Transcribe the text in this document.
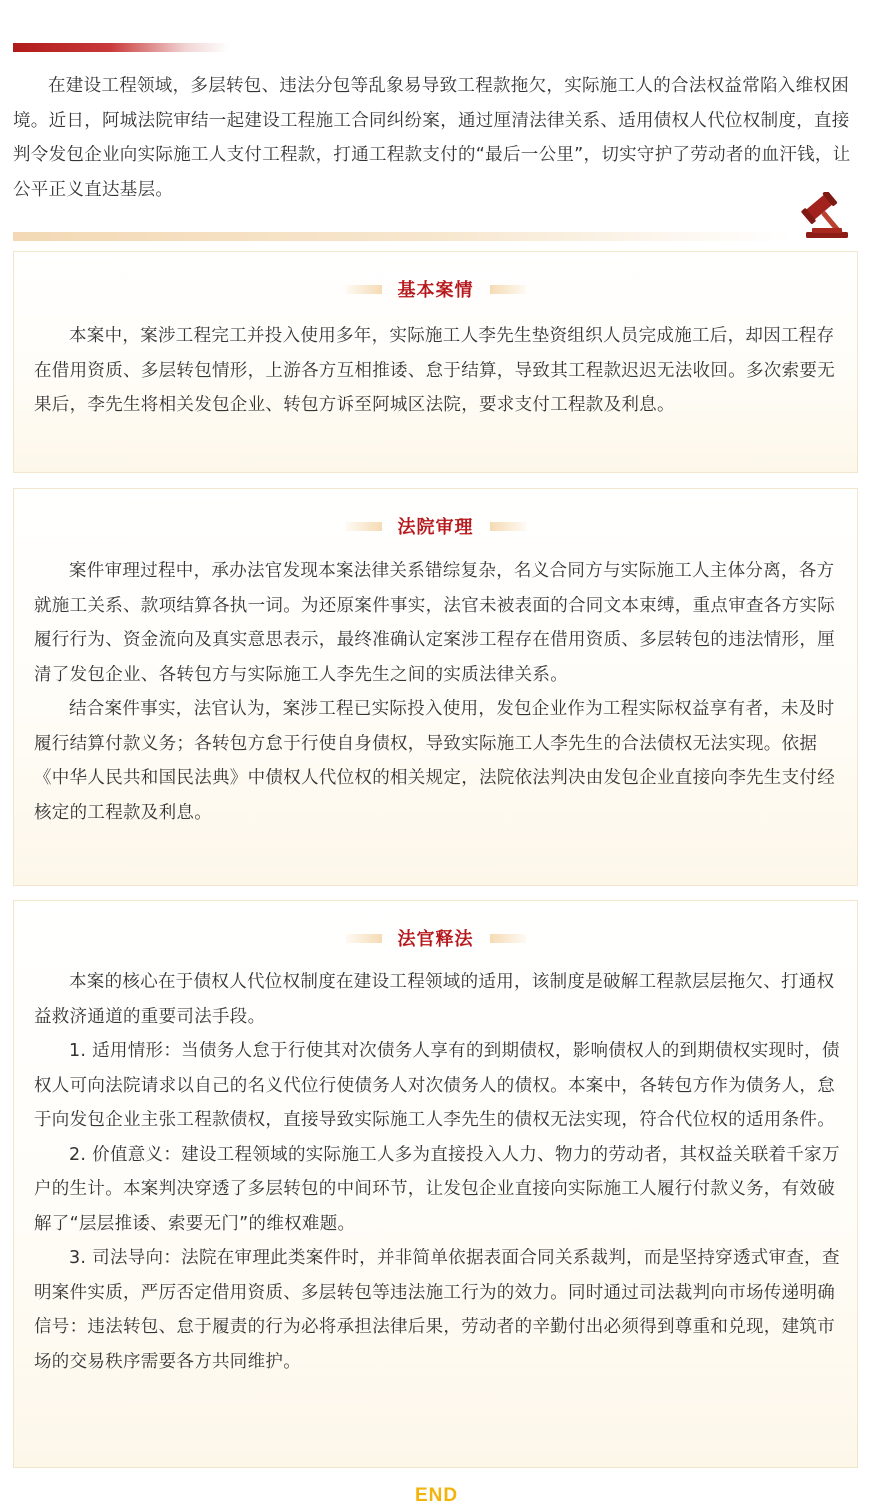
在建设工程领域，多层转包、违法分包等乱象易导致工程款拖欠，实际施工人的合法权益常陷入维权困境。近日，阿城法院审结一起建设工程施工合同纠纷案，通过厘清法律关系、适用债权人代位权制度，直接判令发包企业向实际施工人支付工程款，打通工程款支付的“最后一公里”，切实守护了劳动者的血汗钱，让公平正义直达基层。

基本案情

本案中，案涉工程完工并投入使用多年，实际施工人李先生垫资组织人员完成施工后，却因工程存在借用资质、多层转包情形，上游各方互相推诿、怠于结算，导致其工程款迟迟无法收回。多次索要无果后，李先生将相关发包企业、转包方诉至阿城区法院，要求支付工程款及利息。

法院审理

案件审理过程中，承办法官发现本案法律关系错综复杂，名义合同方与实际施工人主体分离，各方就施工关系、款项结算各执一词。为还原案件事实，法官未被表面的合同文本束缚，重点审查各方实际履行行为、资金流向及真实意思表示，最终准确认定案涉工程存在借用资质、多层转包的违法情形，厘清了发包企业、各转包方与实际施工人李先生之间的实质法律关系。

结合案件事实，法官认为，案涉工程已实际投入使用，发包企业作为工程实际权益享有者，未及时履行结算付款义务；各转包方怠于行使自身债权，导致实际施工人李先生的合法债权无法实现。依据《中华人民共和国民法典》中债权人代位权的相关规定，法院依法判决由发包企业直接向李先生支付经核定的工程款及利息。

法官释法

本案的核心在于债权人代位权制度在建设工程领域的适用，该制度是破解工程款层层拖欠、打通权益救济通道的重要司法手段。

1. 适用情形：当债务人怠于行使其对次债务人享有的到期债权，影响债权人的到期债权实现时，债权人可向法院请求以自己的名义代位行使债务人对次债务人的债权。本案中，各转包方作为债务人，怠于向发包企业主张工程款债权，直接导致实际施工人李先生的债权无法实现，符合代位权的适用条件。

2. 价值意义：建设工程领域的实际施工人多为直接投入人力、物力的劳动者，其权益关联着千家万户的生计。本案判决穿透了多层转包的中间环节，让发包企业直接向实际施工人履行付款义务，有效破解了“层层推诿、索要无门”的维权难题。

3. 司法导向：法院在审理此类案件时，并非简单依据表面合同关系裁判，而是坚持穿透式审查，查明案件实质，严厉否定借用资质、多层转包等违法施工行为的效力。同时通过司法裁判向市场传递明确信号：违法转包、怠于履责的行为必将承担法律后果，劳动者的辛勤付出必须得到尊重和兑现，建筑市场的交易秩序需要各方共同维护。

END
